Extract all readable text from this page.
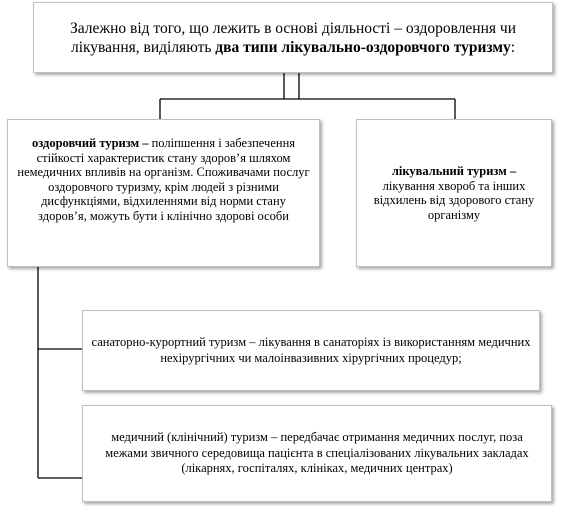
Залежно від того, що лежить в основі діяльності – оздоровлення чи лікування, виділяють два типи лікувально-оздоровчого туризму:

оздоровчий туризм – поліпшення і забезпечення стійкості характеристик стану здоров’я шляхом немедичних впливів на організм. Споживачами послуг оздоровчого туризму, крім людей з різними дисфункціями, відхиленнями від норми стану здоров’я, можуть бути і клінічно здорові особи

лікувальний туризм –
лікування хвороб та інших відхилень від здорового стану організму

санаторно-курортний туризм – лікування в санаторіях із використанням медичних нехірургічних чи малоінвазивних хірургічних процедур;

медичний (клінічний) туризм – передбачає отримання медичних послуг, поза межами звичного середовища пацієнта в спеціалізованих лікувальних закладах (лікарнях, госпіталях, клініках, медичних центрах)
